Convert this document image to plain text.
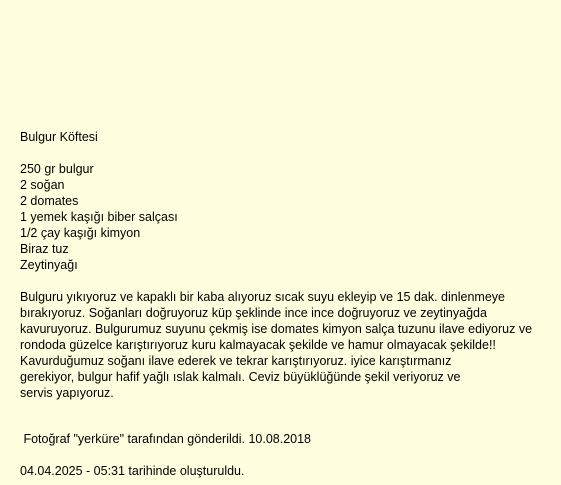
Bulgur Köftesi
250 gr bulgur
2 soğan
2 domates
1 yemek kaşığı biber salçası
1/2 çay kaşığı kimyon
Biraz tuz
Zeytinyağı
Bulguru yıkıyoruz ve kapaklı bir kaba alıyoruz sıcak suyu ekleyip ve 15 dak. dinlenmeye
bırakıyoruz. Soğanları doğruyoruz küp şeklinde ince ince doğruyoruz ve zeytinyağda
kavuruyoruz. Bulgurumuz suyunu çekmiş ise domates kimyon salça tuzunu ilave ediyoruz ve
rondoda güzelce karıştırıyoruz kuru kalmayacak şekilde ve hamur olmayacak şekilde!!
Kavurduğumuz soğanı ilave ederek ve tekrar karıştırıyoruz. iyice karıştırmanız
gerekiyor, bulgur hafif yağlı ıslak kalmalı. Ceviz büyüklüğünde şekil veriyoruz ve
servis yapıyoruz.
Fotoğraf "yerküre" tarafından gönderildi. 10.08.2018
04.04.2025 - 05:31 tarihinde oluşturuldu.
